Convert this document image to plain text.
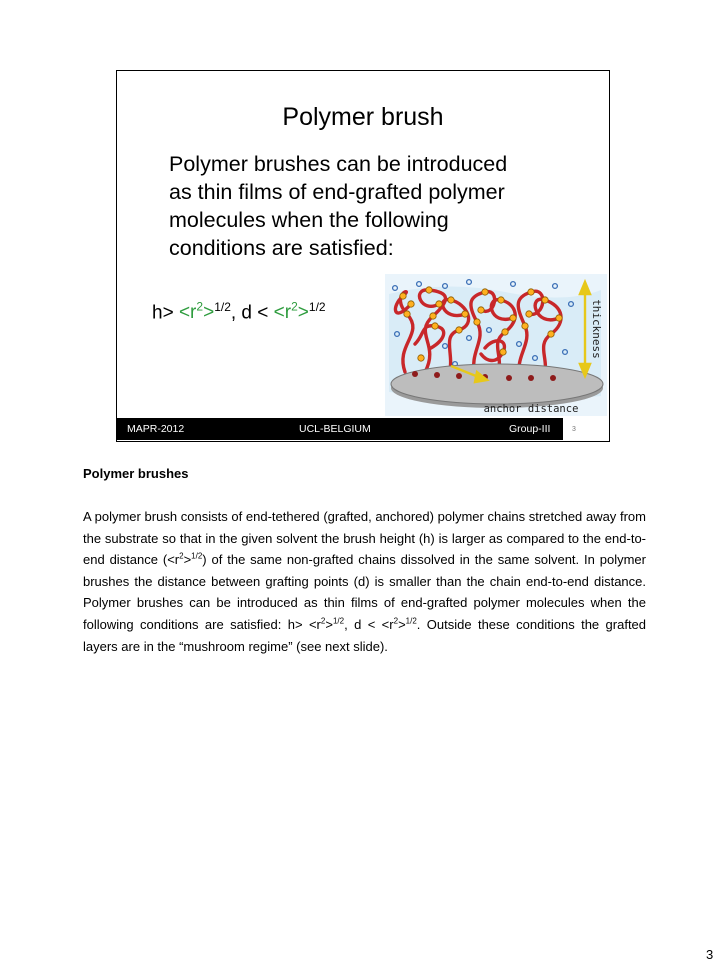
Polymer brush

Polymer brushes can be introduced

as thin films of end-grafted polymer

molecules when the following

conditions are satisfied:

$h> <r^2>^{1/2}$, $d < <r^2>^{1/2}$	thickness
anchor distance
MAPR-2012	UCL-BELGIUM	Group-III	3
Polymer brushes

A polymer brush consists of end-tethered (grafted, anchored) polymer chains stretched away from the substrate so that in the given solvent the brush height (h) is larger as compared to the end-to-end distance $(<r^2>^{1/2})$ of the same non-grafted chains dissolved in the same solvent. In polymer brushes the distance between grafting points (d) is smaller than the chain end-to-end distance. Polymer brushes can be introduced as thin films of end-grafted polymer molecules when the following conditions are satisfied: $h> <r^2>^{1/2}$, $d < <r^2>^{1/2}$. Outside these conditions the grafted layers are in the “mushroom regime” (see next slide).

3
